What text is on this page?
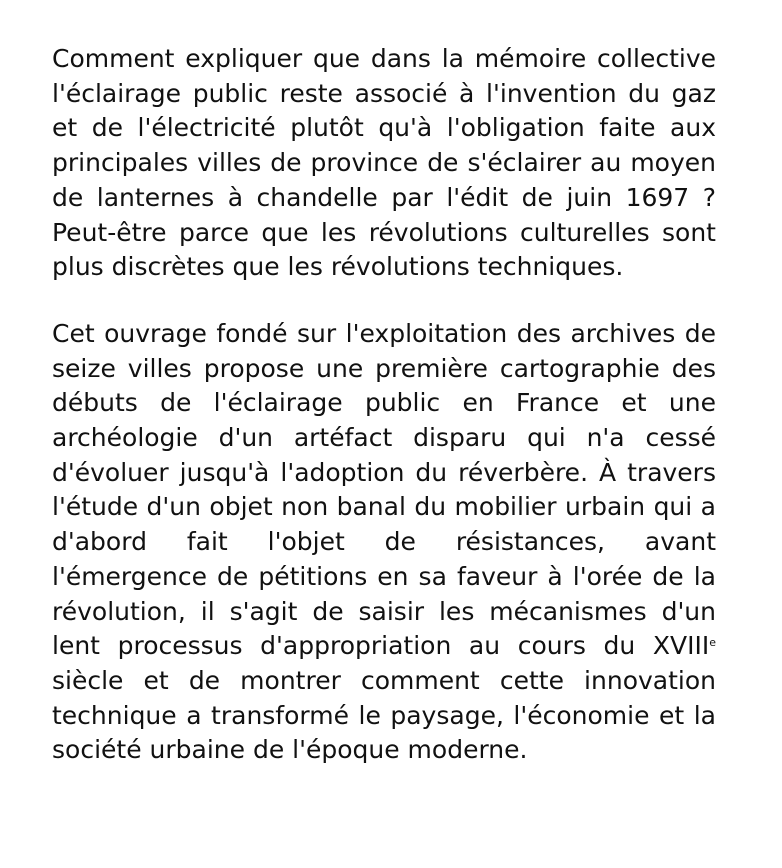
Comment expliquer que dans la mémoire collective l'éclairage public reste associé à l'invention du gaz et de l'électricité plutôt qu'à l'obligation faite aux principales villes de province de s'éclairer au moyen de lanternes à chandelle par l'édit de juin 1697 ? Peut-être parce que les révolutions culturelles sont plus discrètes que les révolutions techniques.

Cet ouvrage fondé sur l'exploitation des archives de seize villes propose une première cartographie des débuts de l'éclairage public en France et une archéologie d'un artéfact disparu qui n'a cessé d'évoluer jusqu'à l'adoption du réverbère. À travers l'étude d'un objet non banal du mobilier urbain qui a d'abord fait l'objet de résistances, avant l'émergence de pétitions en sa faveur à l'orée de la révolution, il s'agit de saisir les mécanismes d'un lent processus d'appropriation au cours du XVIIIe siècle et de montrer comment cette innovation technique a transformé le paysage, l'économie et la société urbaine de l'époque moderne.
